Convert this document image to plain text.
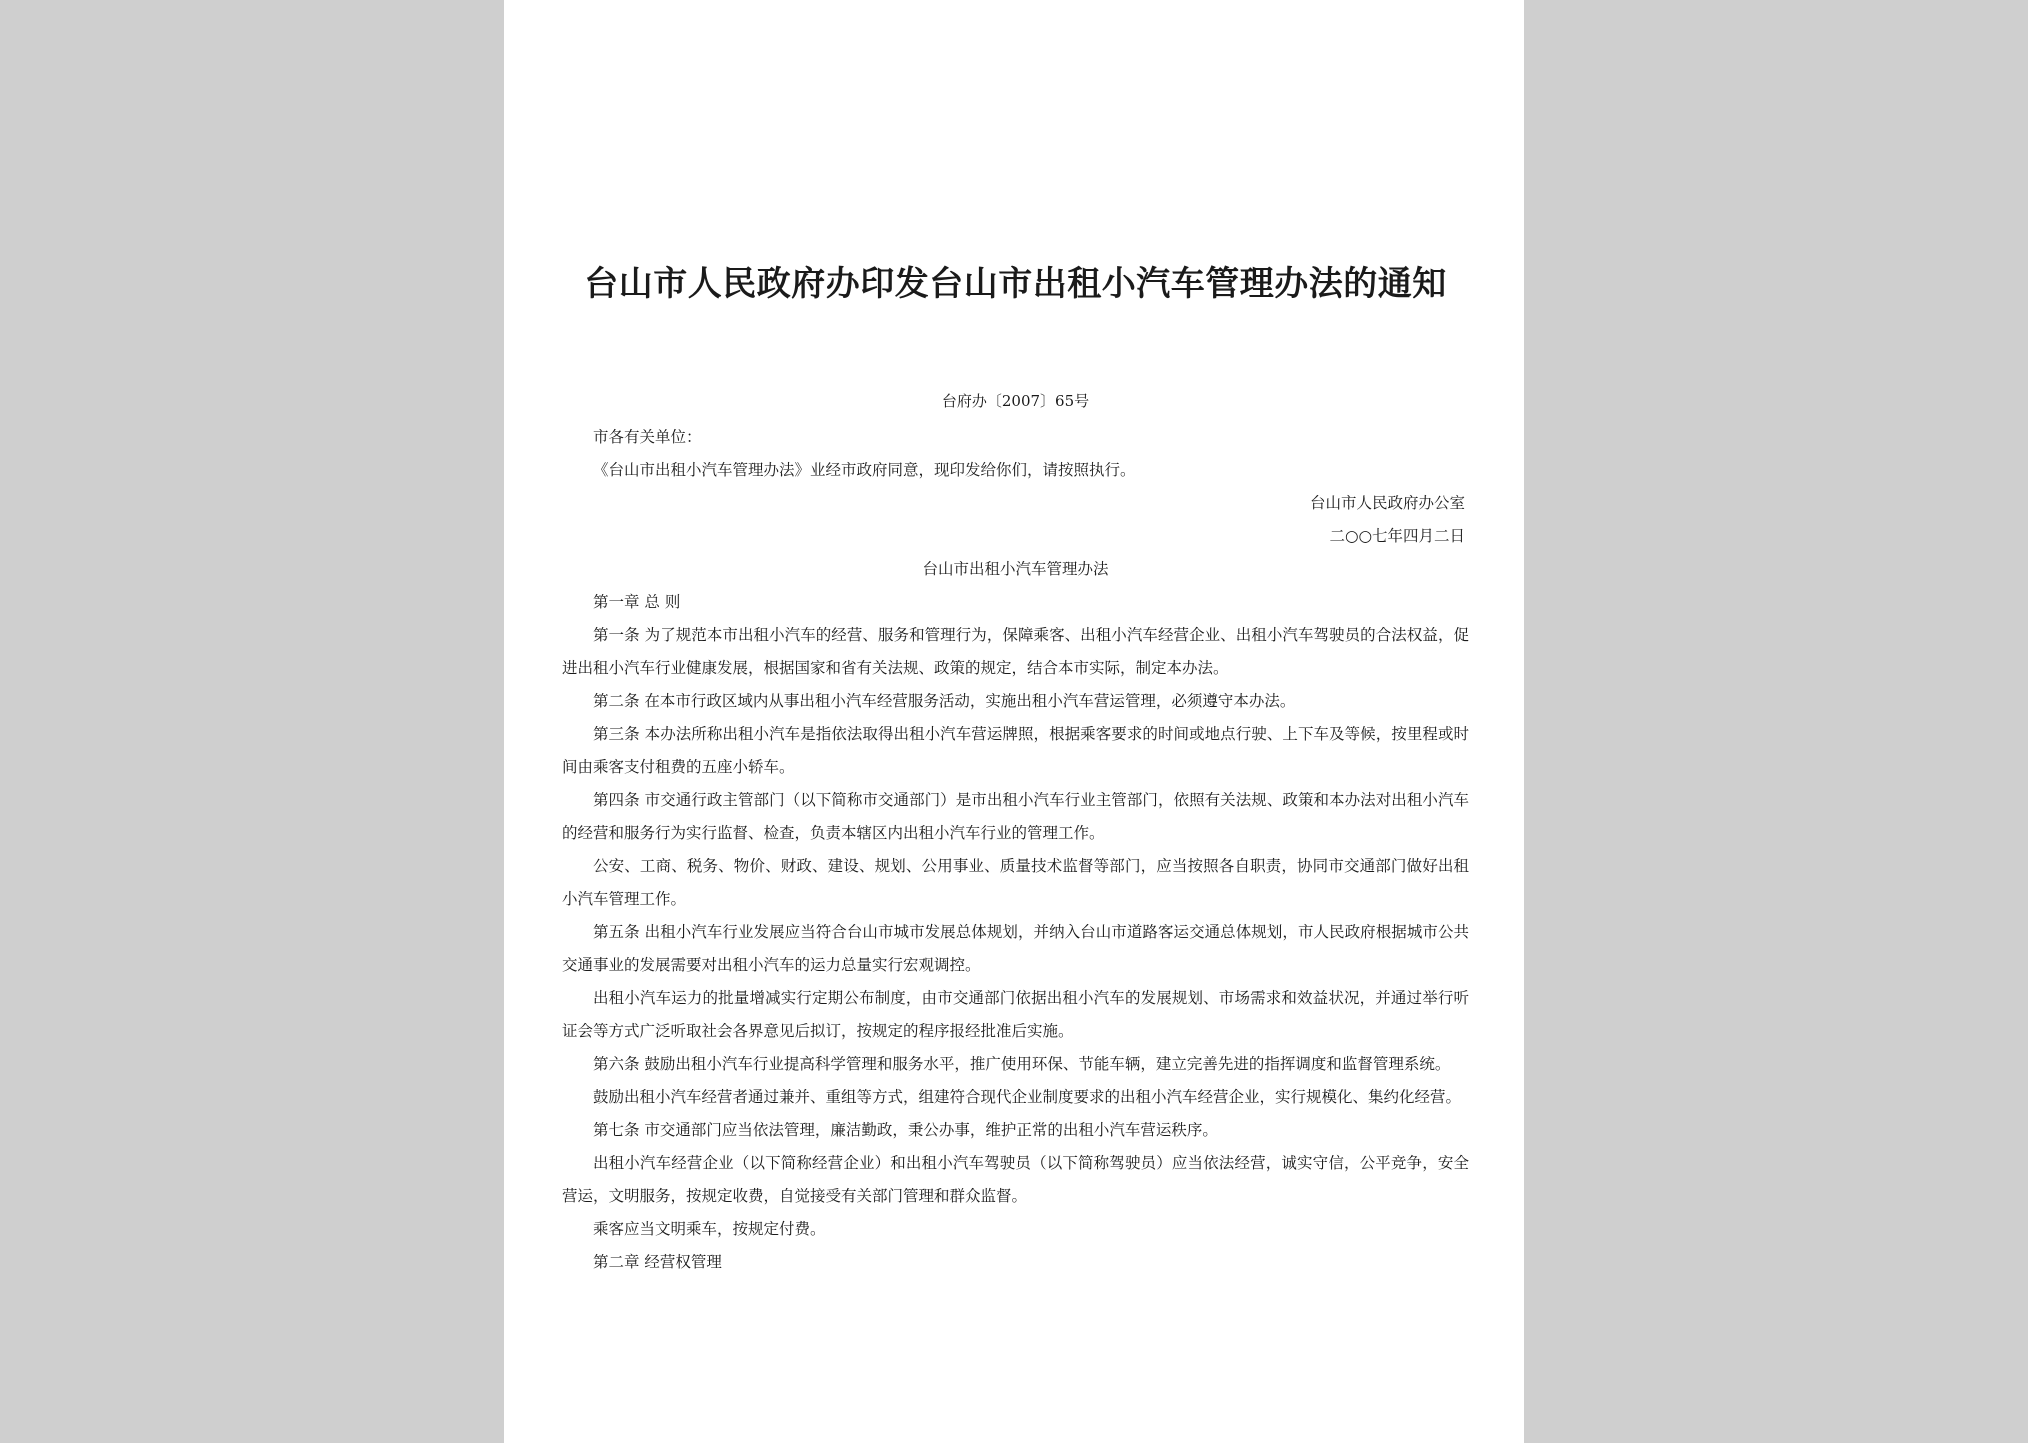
台山市人民政府办印发台山市出租小汽车管理办法的通知
台府办〔2007〕65号
市各有关单位：
《台山市出租小汽车管理办法》业经市政府同意，现印发给你们，请按照执行。
台山市人民政府办公室
二○○七年四月二日
台山市出租小汽车管理办法
第一章 总 则
第一条 为了规范本市出租小汽车的经营、服务和管理行为，保障乘客、出租小汽车经营企业、出租小汽车驾驶员的合法权益，促进出租小汽车行业健康发展，根据国家和省有关法规、政策的规定，结合本市实际，制定本办法。
第二条 在本市行政区域内从事出租小汽车经营服务活动，实施出租小汽车营运管理，必须遵守本办法。
第三条 本办法所称出租小汽车是指依法取得出租小汽车营运牌照，根据乘客要求的时间或地点行驶、上下车及等候，按里程或时间由乘客支付租费的五座小轿车。
第四条 市交通行政主管部门（以下简称市交通部门）是市出租小汽车行业主管部门，依照有关法规、政策和本办法对出租小汽车的经营和服务行为实行监督、检查，负责本辖区内出租小汽车行业的管理工作。
公安、工商、税务、物价、财政、建设、规划、公用事业、质量技术监督等部门，应当按照各自职责，协同市交通部门做好出租小汽车管理工作。
第五条 出租小汽车行业发展应当符合台山市城市发展总体规划，并纳入台山市道路客运交通总体规划，市人民政府根据城市公共交通事业的发展需要对出租小汽车的运力总量实行宏观调控。
出租小汽车运力的批量增减实行定期公布制度，由市交通部门依据出租小汽车的发展规划、市场需求和效益状况，并通过举行听证会等方式广泛听取社会各界意见后拟订，按规定的程序报经批准后实施。
第六条 鼓励出租小汽车行业提高科学管理和服务水平，推广使用环保、节能车辆，建立完善先进的指挥调度和监督管理系统。
鼓励出租小汽车经营者通过兼并、重组等方式，组建符合现代企业制度要求的出租小汽车经营企业，实行规模化、集约化经营。
第七条 市交通部门应当依法管理，廉洁勤政，秉公办事，维护正常的出租小汽车营运秩序。
出租小汽车经营企业（以下简称经营企业）和出租小汽车驾驶员（以下简称驾驶员）应当依法经营，诚实守信，公平竞争，安全营运，文明服务，按规定收费，自觉接受有关部门管理和群众监督。
乘客应当文明乘车，按规定付费。
第二章 经营权管理
